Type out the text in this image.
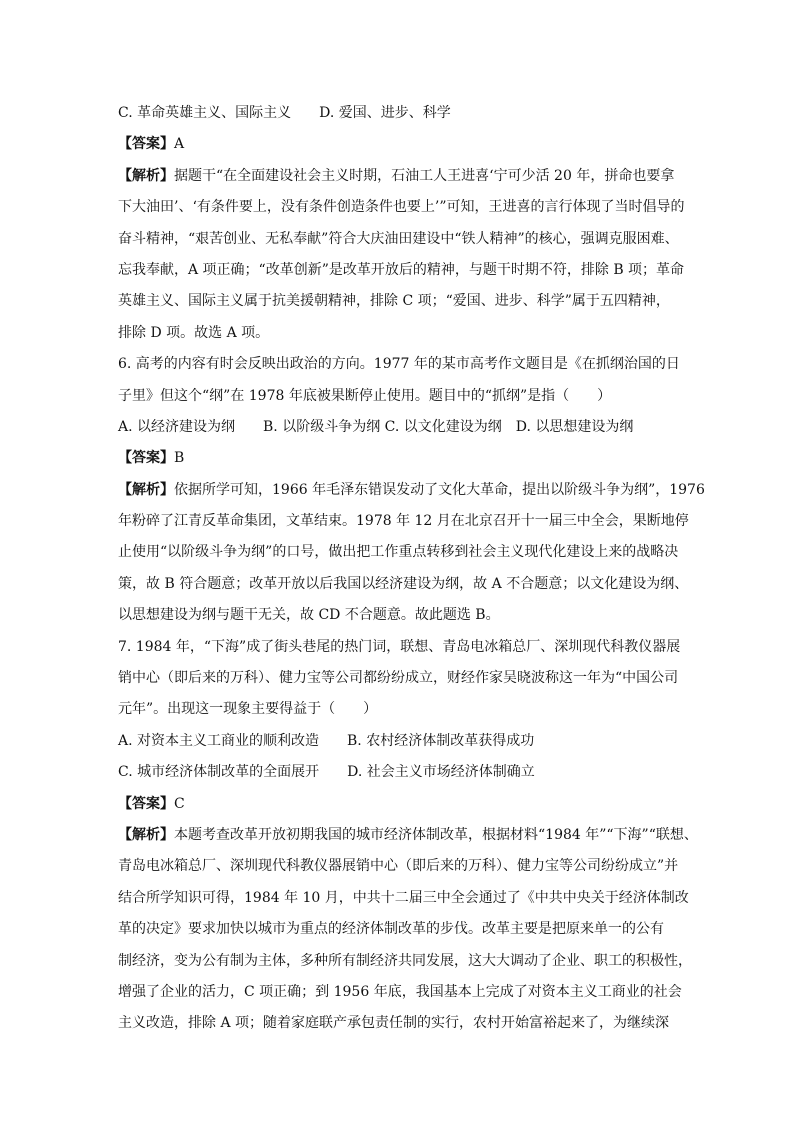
C. 革命英雄主义、国际主义　　D. 爱国、进步、科学
【答案】A
【解析】据题干“在全面建设社会主义时期，石油工人王进喜‘宁可少活 20 年，拼命也要拿
下大油田’、‘有条件要上，没有条件创造条件也要上’”可知，王进喜的言行体现了当时倡导的
奋斗精神，“艰苦创业、无私奉献”符合大庆油田建设中“铁人精神”的核心，强调克服困难、
忘我奉献，A 项正确；“改革创新”是改革开放后的精神，与题干时期不符，排除 B 项；革命
英雄主义、国际主义属于抗美援朝精神，排除 C 项；“爱国、进步、科学”属于五四精神，
排除 D 项。故选 A 项。
6. 高考的内容有时会反映出政治的方向。1977 年的某市高考作文题目是《在抓纲治国的日
子里》但这个“纲”在 1978 年底被果断停止使用。题目中的“抓纲”是指（　　）
A. 以经济建设为纲　　B. 以阶级斗争为纲 C. 以文化建设为纲　D. 以思想建设为纲
【答案】B
【解析】依据所学可知，1966 年毛泽东错误发动了文化大革命，提出以阶级斗争为纲”，1976
年粉碎了江青反革命集团，文革结束。1978 年 12 月在北京召开十一届三中全会，果断地停
止使用“以阶级斗争为纲”的口号，做出把工作重点转移到社会主义现代化建设上来的战略决
策，故 B 符合题意；改革开放以后我国以经济建设为纲，故 A 不合题意；以文化建设为纲、
以思想建设为纲与题干无关，故 CD 不合题意。故此题选 B。
7. 1984 年，“下海”成了街头巷尾的热门词，联想、青岛电冰箱总厂、深圳现代科教仪器展
销中心（即后来的万科）、健力宝等公司都纷纷成立，财经作家吴晓波称这一年为“中国公司
元年”。出现这一现象主要得益于（　　）
A. 对资本主义工商业的顺利改造　　B. 农村经济体制改革获得成功
C. 城市经济体制改革的全面展开　　D. 社会主义市场经济体制确立
【答案】C
【解析】本题考查改革开放初期我国的城市经济体制改革，根据材料“1984 年”“下海”“联想、
青岛电冰箱总厂、深圳现代科教仪器展销中心（即后来的万科）、健力宝等公司纷纷成立”并
结合所学知识可得，1984 年 10 月，中共十二届三中全会通过了《中共中央关于经济体制改
革的决定》要求加快以城市为重点的经济体制改革的步伐。改革主要是把原来单一的公有
制经济，变为公有制为主体，多种所有制经济共同发展，这大大调动了企业、职工的积极性，
增强了企业的活力，C 项正确；到 1956 年底，我国基本上完成了对资本主义工商业的社会
主义改造，排除 A 项；随着家庭联产承包责任制的实行，农村开始富裕起来了，为继续深
